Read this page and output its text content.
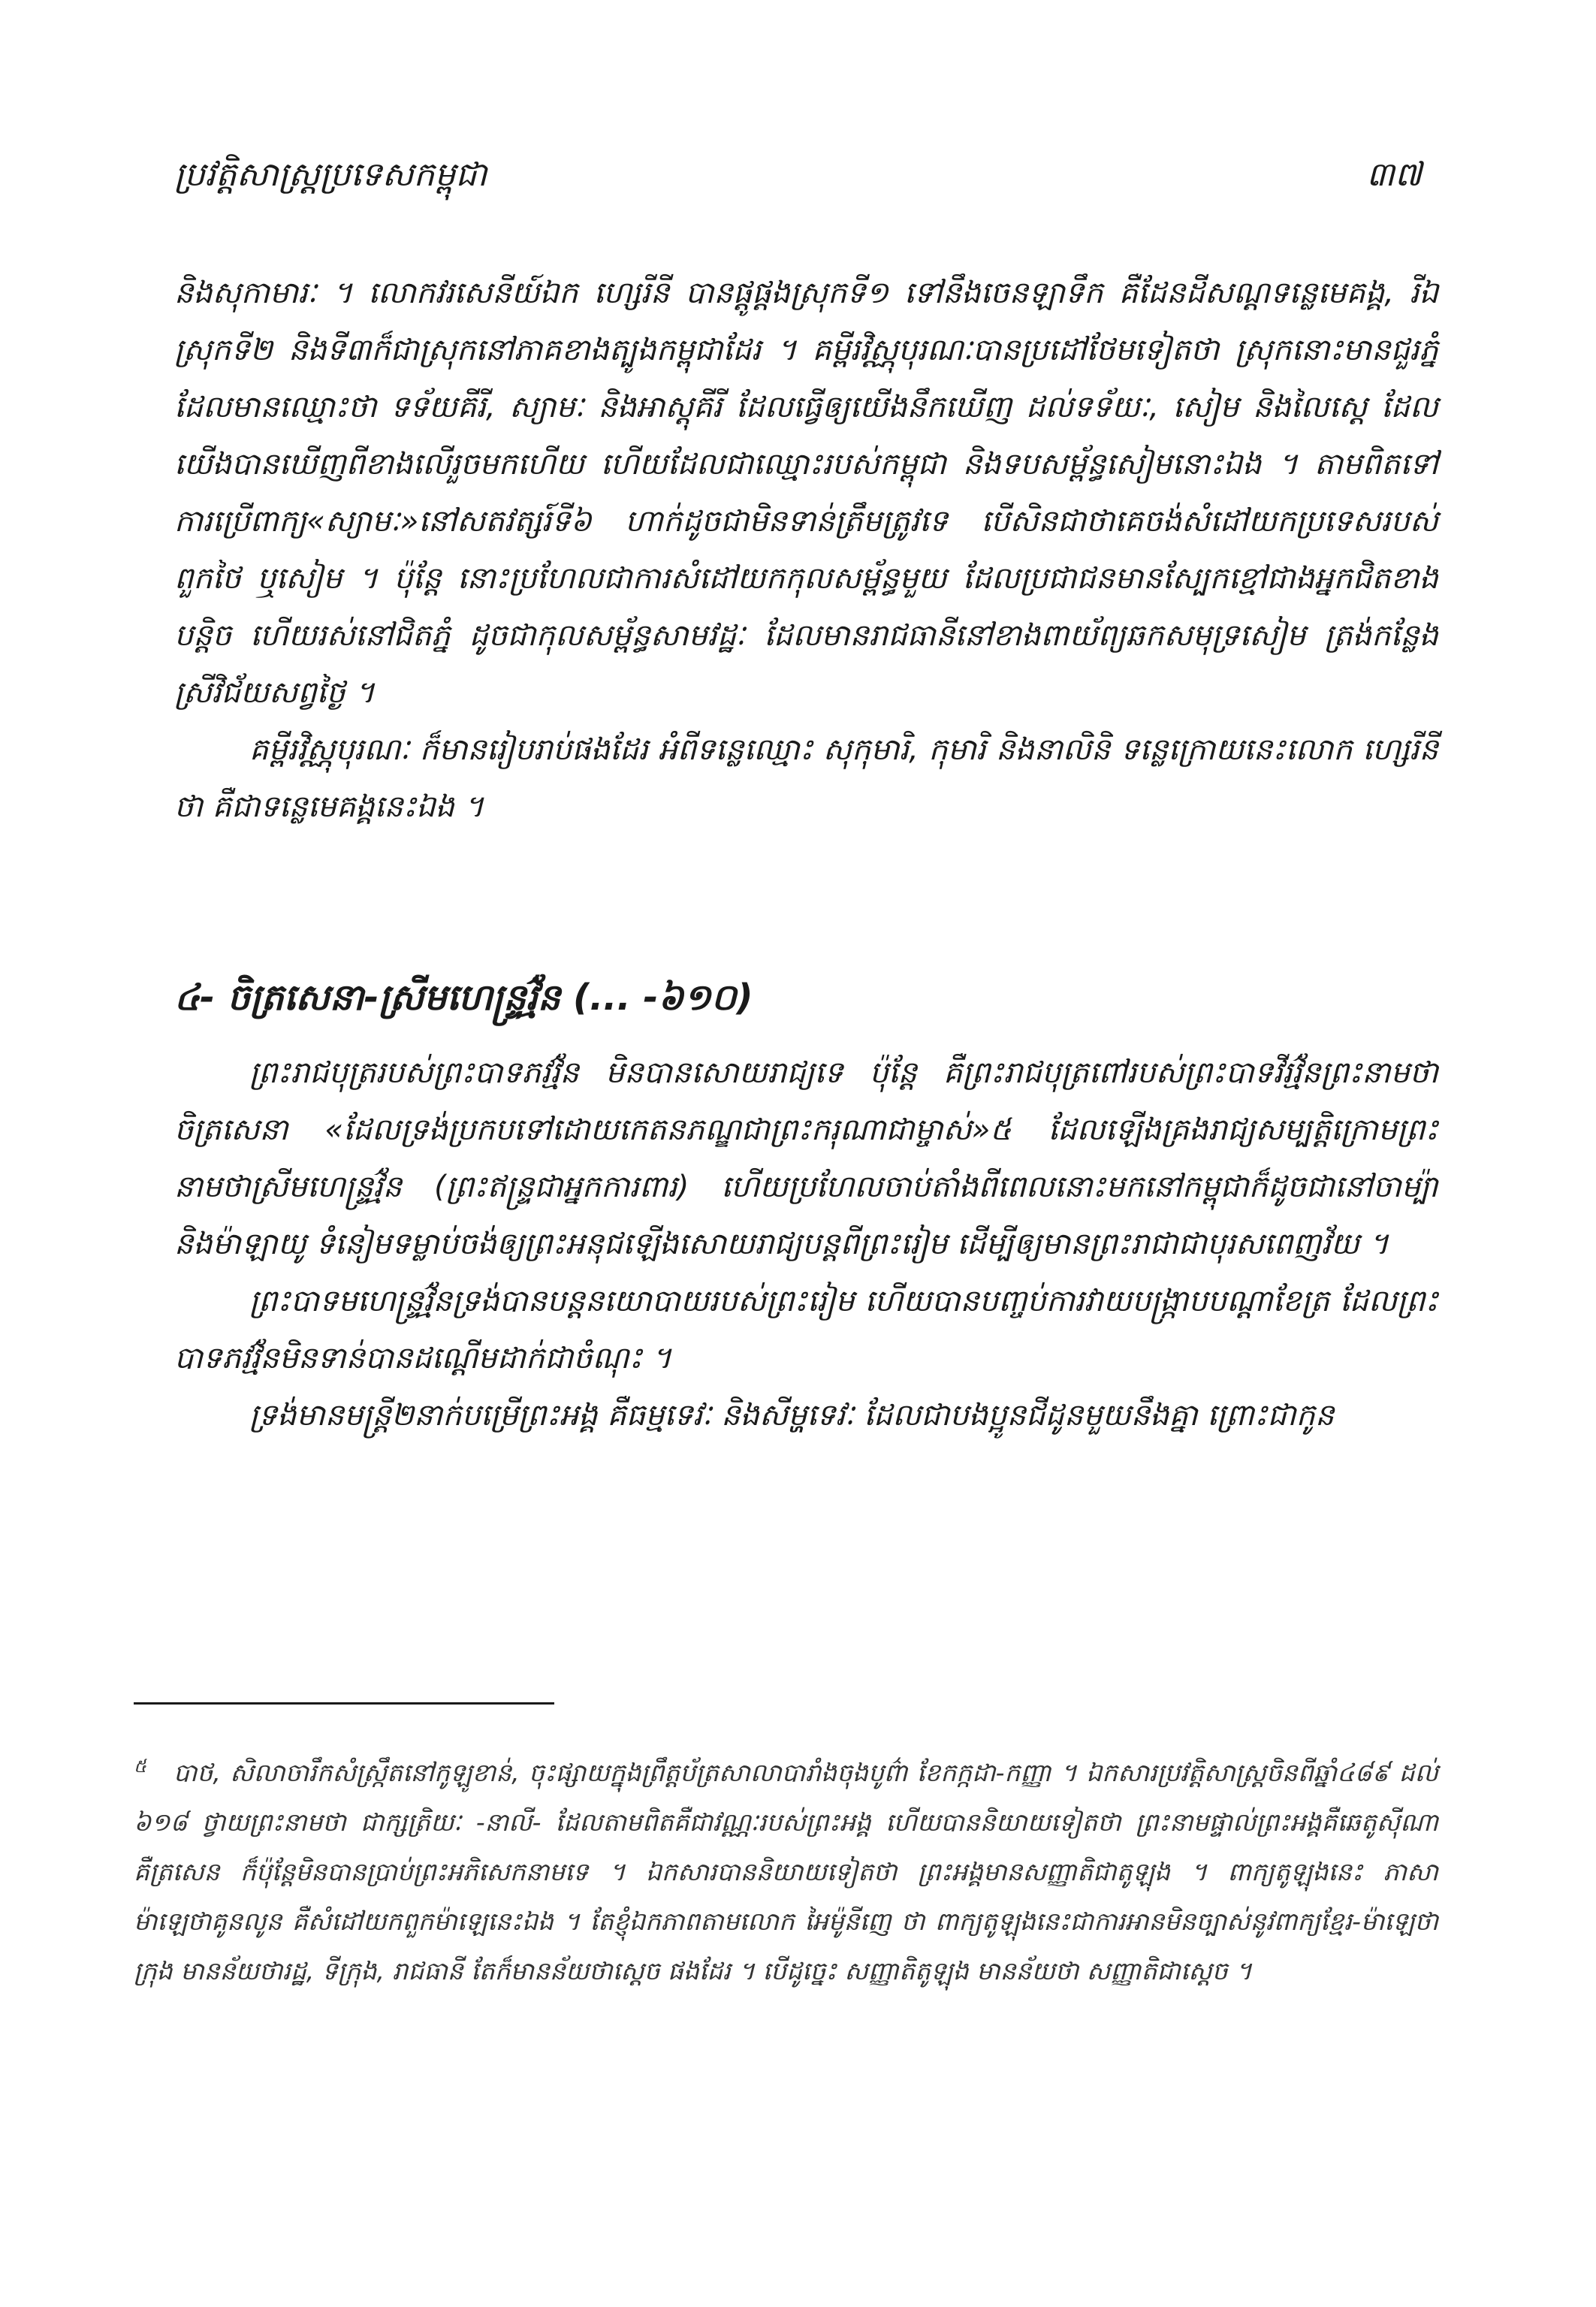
ប្រវត្តិសាស្ត្រប្រទេសកម្ពុជា	៣៧

និងសុកាមារៈ ។ លោកវរសេនីយ៍ឯក ហ្សេរីនី បានផ្ដូផ្ដងស្រុកទី១ ទៅនឹងចេនឡាទឹក គឺដែនដីសណ្ដទន្លេមេគង្គ, រីឯស្រុកទី២ និងទី៣ក៏ជាស្រុកនៅភាគខាងត្បូងកម្ពុជាដែរ ។ គម្ពីរវិស្ណុបុរណៈបានប្រដៅថែមទៀតថា ស្រុកនោះមានជួរភ្នំដែលមានឈ្មោះថា ទទ័យគីរី, ស្យាមៈ និងអាស្ដុគីរី ដែលធ្វើឲ្យយើងនឹកឃើញ ដល់ទទ័យៈ, សៀម និងលៃស្ដេ ដែលយើងបានឃើញពីខាងលើរួចមកហើយ ហើយដែលជាឈ្មោះរបស់កម្ពុជា និងទបសម្ព័ន្ធសៀមនោះឯង ។ តាមពិតទៅ ការប្រើពាក្យ«ស្យាមៈ»នៅសតវត្សរ៍ទី៦ ហាក់ដូចជាមិនទាន់ត្រឹមត្រូវទេ បើសិនជាថាគេចង់សំដៅយកប្រទេសរបស់ពួកថៃ ឬសៀម ។ ប៉ុន្តែ នោះប្រហែលជាការសំដៅយកកុលសម្ព័ន្ធមួយ ដែលប្រជាជនមានស្បែកខ្មៅជាងអ្នកជិតខាងបន្តិច ហើយរស់នៅជិតភ្នំ ដូចជាកុលសម្ព័ន្ធសាមវដ្ឋៈ ដែលមានរាជធានីនៅខាងពាយ័ព្យឆកសមុទ្រសៀម ត្រង់កន្លែងស្រីវិជ័យសព្វថ្ងៃ ។

គម្ពីរវិស្ណុបុរណៈ ក៏មានរៀបរាប់ផងដែរ អំពីទន្លេឈ្មោះ សុកុមារិ, កុមារិ និងនាលិនិ ទន្លេក្រោយនេះលោក ហ្សេរីនី ថា គឺជាទន្លេមេគង្គនេះឯង ។

៤- ចិត្រសេនា-ស្រីមហេន្ទ្រវ៌្ម័ន (... -៦១០)

ព្រះរាជបុត្ររបស់ព្រះបាទភវវ៌្ម័ន មិនបានសោយរាជ្យទេ ប៉ុន្តែ គឺព្រះរាជបុត្រពៅរបស់ព្រះបាទវីរវ៌្ម័នព្រះនាមថា ចិត្រសេនា «ដែលទ្រង់ប្រកបទៅដោយកេតនភណ្ឌជាព្រះករុណាជាម្ចាស់»៥ ដែលឡើងគ្រងរាជ្យសម្បត្តិក្រោមព្រះនាមថាស្រីមហេន្ទ្រវ៌្ម័ន (ព្រះឥន្ទ្រជាអ្នកការពារ) ហើយប្រហែលចាប់តាំងពីពេលនោះមកនៅកម្ពុជាក៏ដូចជានៅចាម្ប៉ា និងម៉ាឡាយូ ទំនៀមទម្លាប់ចង់ឲ្យព្រះអនុជឡើងសោយរាជ្យបន្តពីព្រះរៀម ដើម្បីឲ្យមានព្រះរាជាជាបុរសពេញវ័យ ។

ព្រះបាទមហេន្ទ្រវ៌្ម័នទ្រង់បានបន្តនយោបាយរបស់ព្រះរៀម ហើយបានបញ្ចប់ការវាយបង្ក្រាបបណ្ដាខែត្រ ដែលព្រះបាទភវវ៌្ម័នមិនទាន់បានដណ្ដើមដាក់ជាចំណុះ ។

ទ្រង់មានមន្ត្រី២នាក់បម្រើព្រះអង្គ គឺធម្មទេវៈ និងសីម្ហទេវៈ ដែលជាបងប្អូនជីដូនមួយនឹងគ្នា ព្រោះជាកូន

$^៥$ បាថ, សិលាចារឹកសំស្ក្រឹតនៅកូឡូខាន់, ចុះផ្សាយក្នុងព្រឹត្តប័ត្រសាលាបារាំងចុងបូព៌ា ខែកក្កដា-កញ្ញា ។ ឯកសារប្រវត្តិសាស្ត្រចិនពីឆ្នាំ៤៨៩ ដល់ ៦១៨ ថ្វាយព្រះនាមថា ជាក្សត្រិយៈ -នាលី- ដែលតាមពិតគឺជាវណ្ណៈរបស់ព្រះអង្គ ហើយបាននិយាយទៀតថា ព្រះនាមផ្ទាល់ព្រះអង្គគឺឆេតូស៊ីណា គឺត្រសេន ក៏ប៉ុន្តែមិនបានប្រាប់ព្រះអភិសេកនាមទេ ។ ឯកសារបាននិយាយទៀតថា ព្រះអង្គមានសញ្ញាតិជាតូឡុង ។ ពាក្យតូឡុងនេះ ភាសាម៉ាឡេថាគូនលូន គឺសំដៅយកពួកម៉ាឡេនេះឯង ។ តែខ្ញុំឯកភាពតាមលោក អៃម៉ូនីញេ ថា ពាក្យតូឡុងនេះជាការអានមិនច្បាស់នូវពាក្យខ្មែរ-ម៉ាឡេថា ក្រុង មានន័យថារដ្ឋ, ទីក្រុង, រាជធានី តែក៏មានន័យថាស្ដេច ផងដែរ ។ បើដូច្នេះ សញ្ញាតិតូឡុង មានន័យថា សញ្ញាតិជាស្ដេច ។
